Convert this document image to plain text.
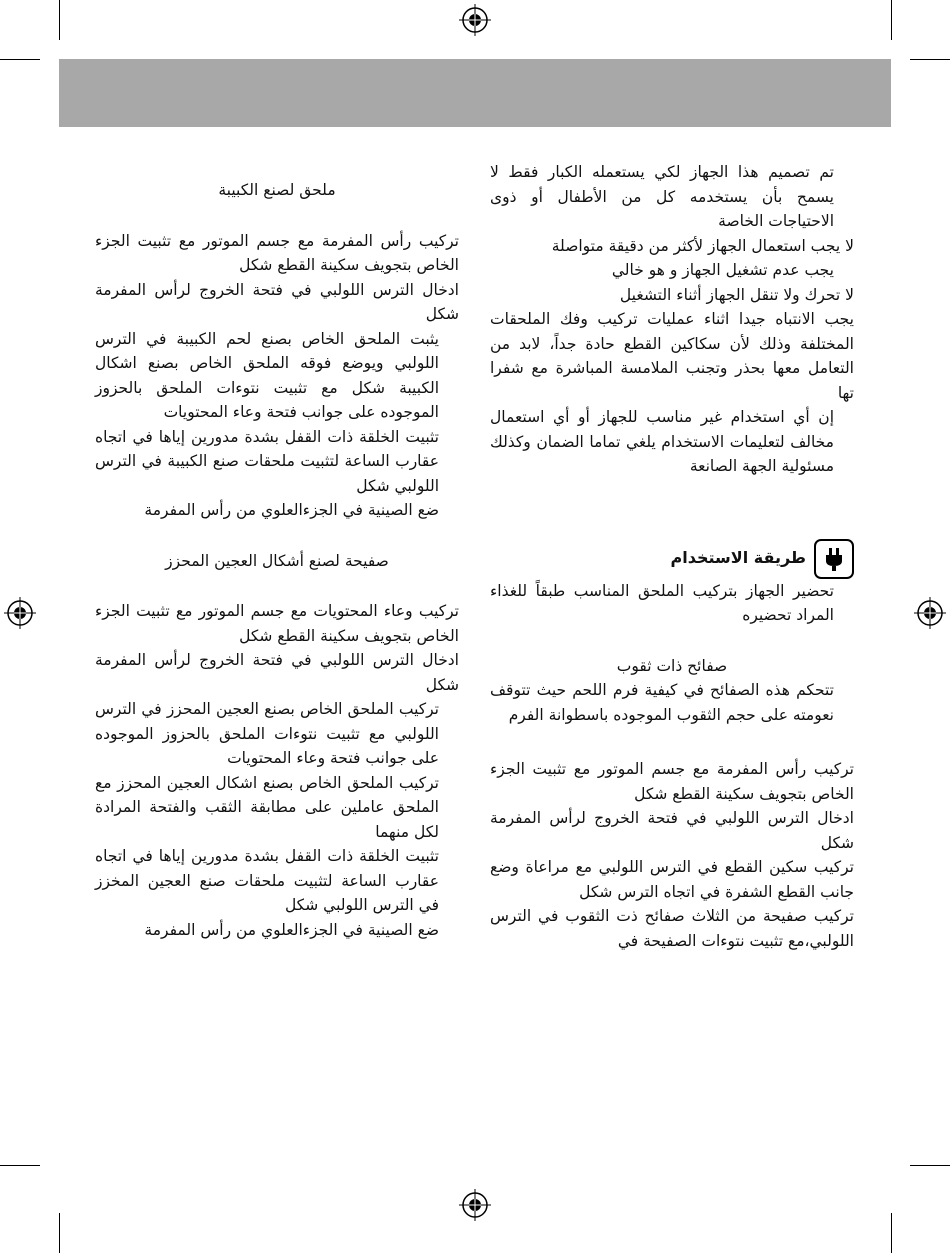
ملحق لصنع الكبيبة

تركيب رأس المفرمة مع جسم الموتور مع تثبيت الجزء الخاص بتجويف سكينة القطع شكل

ادخال الترس اللولبي في فتحة الخروج لرأس المفرمة شكل

يثبت الملحق الخاص بصنع لحم الكبيبة في الترس اللولبي ويوضع فوقه الملحق الخاص بصنع اشكال الكبيبة شكل مع تثبيت نتوءات الملحق بالحزوز الموجوده على جوانب فتحة وعاء المحتويات

تثبيت الخلقة ذات القفل بشدة مدورين إياها في اتجاه عقارب الساعة لتثبيت ملحقات صنع الكبيبة في الترس اللولبي شكل

ضع الصينية في الجزءالعلوي من رأس المفرمة

صفيحة لصنع أشكال العجين المحزز

تركيب وعاء المحتويات مع جسم الموتور مع تثبيت الجزء الخاص بتجويف سكينة القطع شكل

ادخال الترس اللولبي في فتحة الخروج لرأس المفرمة شكل

تركيب الملحق الخاص بصنع العجين المحزز في الترس اللولبي مع تثبيت نتوءات الملحق بالحزوز الموجوده على جوانب فتحة وعاء المحتويات

تركيب الملحق الخاص بصنع اشكال العجين المحزز مع الملحق عاملين على مطابقة الثقب والفتحة المرادة لكل منهما

تثبيت الخلقة ذات القفل بشدة مدورين إياها في اتجاه عقارب الساعة لتثبيت ملحقات صنع العجين المخزز في الترس اللولبي شكل

ضع الصينية في الجزءالعلوي من رأس المفرمة

تم تصميم هذا الجهاز لكي يستعمله الكبار فقط لا يسمح بأن يستخدمه كل من الأطفال أو ذوى الاحتياجات الخاصة

لا يجب استعمال الجهاز لأكثر من دقيقة متواصلة

يجب عدم تشغيل الجهاز و هو خالي

لا تحرك ولا تنقل الجهاز أثناء التشغيل

يجب الانتباه جيدا اثناء عمليات تركيب وفك الملحقات المختلفة وذلك لأن سكاكين القطع حادة جداً، لابد من التعامل معها بحذر وتجنب الملامسة المباشرة مع شفرا تها

إن أي استخدام غير مناسب للجهاز أو أي استعمال مخالف لتعليمات الاستخدام يلغي تماما الضمان وكذلك مسئولية الجهة الصانعة

طريقة الاستخدام

تحضير الجهاز بتركيب الملحق المناسب طبقاً للغذاء المراد تحضيره

صفائح ذات ثقوب

تتحكم هذه الصفائح في كيفية فرم اللحم حيث تتوقف نعومته على حجم الثقوب الموجوده باسطوانة الفرم

تركيب رأس المفرمة مع جسم الموتور مع تثبيت الجزء الخاص بتجويف سكينة القطع شكل

ادخال الترس اللولبي في فتحة الخروج لرأس المفرمة شكل

تركيب سكين القطع في الترس اللولبي مع مراعاة وضع جانب القطع الشفرة في اتجاه الترس شكل

تركيب صفيحة من الثلاث صفائح ذت الثقوب في الترس اللولبي،مع تثبيت نتوءات الصفيحة في
